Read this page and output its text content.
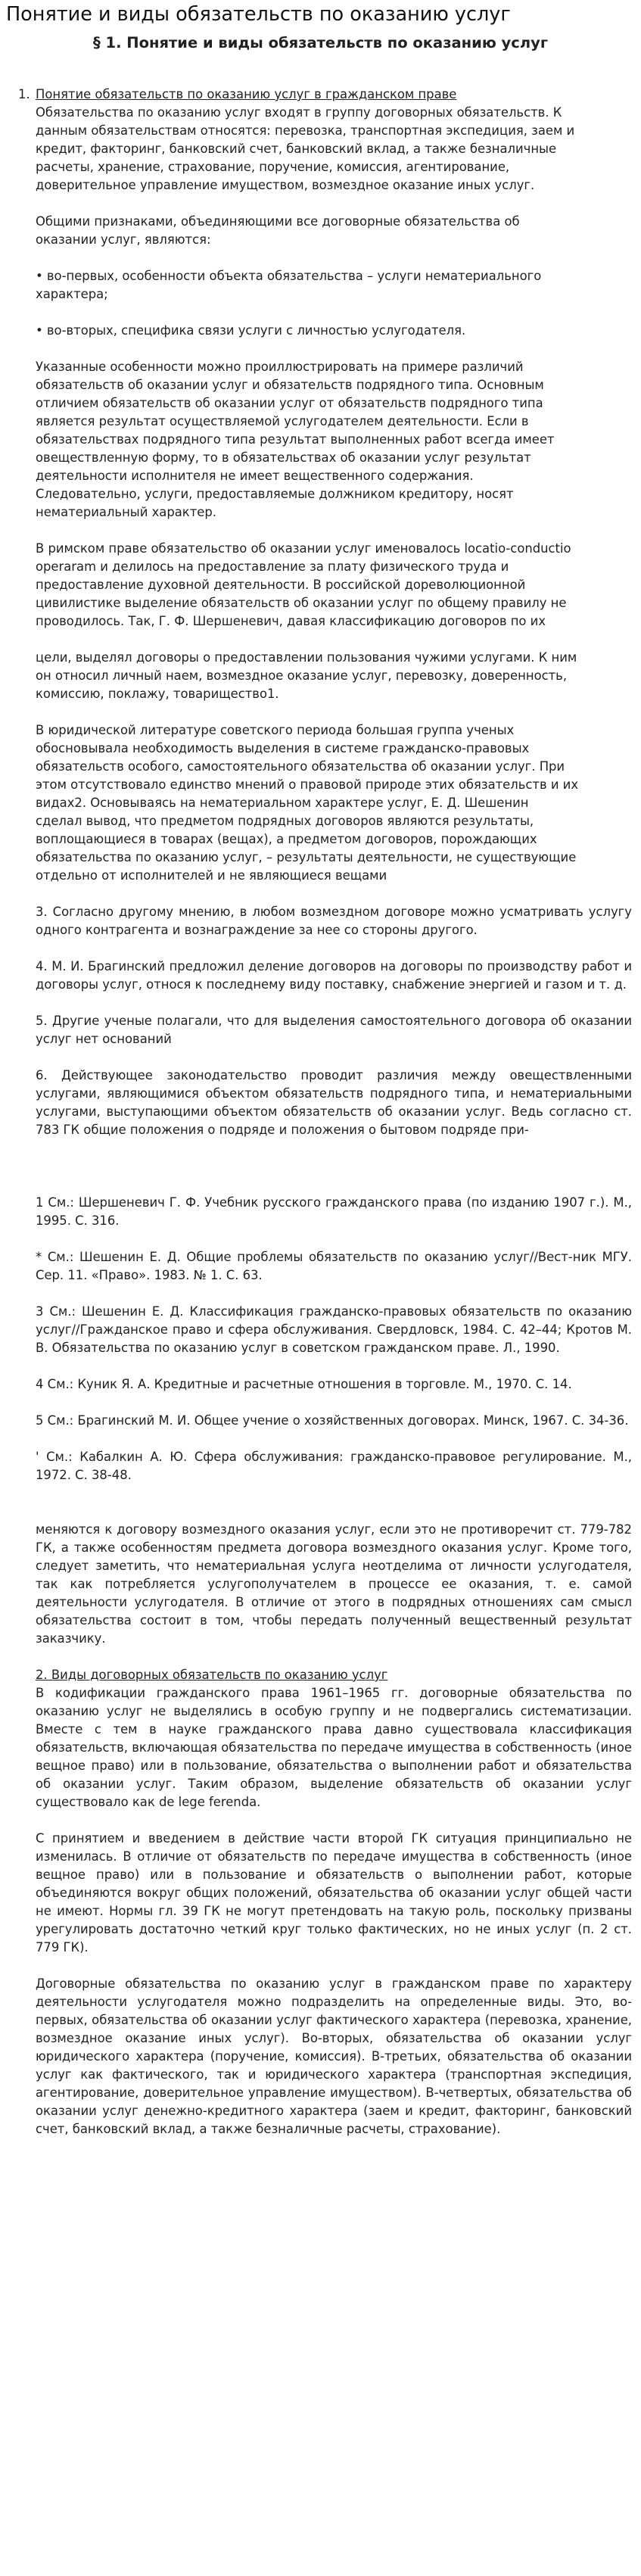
Понятие и виды обязательств по оказанию услуг
§ 1. Понятие и виды обязательств по оказанию услуг
1. Понятие обязательств по оказанию услуг в гражданском праве

Обязательства по оказанию услуг входят в группу договорных обязательств. К
данным обязательствам относятся: перевозка, транспортная экспедиция, заем и
кредит, факторинг, банковский счет, банковский вклад, а также безналичные
расчеты, хранение, страхование, поручение, комиссия, агентирование,
доверительное управление имуществом, возмездное оказание иных услуг.

Общими признаками, объединяющими все договорные обязательства об
оказании услуг, являются:

• во-первых, особенности объекта обязательства – услуги нематериального
характера;

• во-вторых, специфика связи услуги с личностью услугодателя.

Указанные особенности можно проиллюстрировать на примере различий
обязательств об оказании услуг и обязательств подрядного типа. Основным
отличием обязательств об оказании услуг от обязательств подрядного типа
является результат осуществляемой услугодателем деятельности. Если в
обязательствах подрядного типа результат выполненных работ всегда имеет
овеществленную форму, то в обязательствах об оказании услуг результат
деятельности исполнителя не имеет вещественного содержания.
Следовательно, услуги, предоставляемые должником кредитору, носят
нематериальный характер.

В римском праве обязательство об оказании услуг именовалось locatio-conductio
operaram и делилось на предоставление за плату физического труда и
предоставление духовной деятельности. В российской дореволюционной
цивилистике выделение обязательств об оказании услуг по общему правилу не
проводилось. Так, Г. Ф. Шершеневич, давая классификацию договоров по их

цели, выделял договоры о предоставлении пользования чужими услугами. К ним
он относил личный наем, возмездное оказание услуг, перевозку, доверенность,
комиссию, поклажу, товарищество1.

В юридической литературе советского периода большая группа ученых
обосновывала необходимость выделения в системе гражданско-правовых
обязательств особого, самостоятельного обязательства об оказании услуг. При
этом отсутствовало единство мнений о правовой природе этих обязательств и их
видах2. Основываясь на нематериальном характере услуг, Е. Д. Шешенин
сделал вывод, что предметом подрядных договоров являются результаты,
воплощающиеся в товарах (вещах), а предметом договоров, порождающих
обязательства по оказанию услуг, – результаты деятельности, не существующие
отдельно от исполнителей и не являющиеся вещами

3. Согласно другому мнению, в любом возмездном договоре можно усматривать услугу одного контрагента и вознаграждение за нее со стороны другого.

4. М. И. Брагинский предложил деление договоров на договоры по производству работ и договоры услуг, относя к последнему виду поставку, снабжение энергией и газом и т. д.

5. Другие ученые полагали, что для выделения самостоятельного договора об оказании услуг нет оснований

6. Действующее законодательство проводит различия между овеществленными услугами, являющимися объектом обязательств подрядного типа, и нематериальными услугами, выступающими объектом обязательств об оказании услуг. Ведь согласно ст. 783 ГК общие положения о подряде и положения о бытовом подряде при-

1 См.: Шершеневич Г. Ф. Учебник русского гражданского права (по изданию 1907 г.). М., 1995. С. 316.

* См.: Шешенин Е. Д. Общие проблемы обязательств по оказанию услуг//Вест-ник МГУ. Сер. 11. «Право». 1983. № 1. С. 63.

3 См.: Шешенин Е. Д. Классификация гражданско-правовых обязательств по оказанию услуг//Гражданское право и сфера обслуживания. Свердловск, 1984. С. 42–44; Кротов М. В. Обязательства по оказанию услуг в советском гражданском праве. Л., 1990.

4 См.: Куник Я. А. Кредитные и расчетные отношения в торговле. М., 1970. С. 14.

5 См.: Брагинский М. И. Общее учение о хозяйственных договорах. Минск, 1967. С. 34-36.

' См.: Кабалкин А. Ю. Сфера обслуживания: гражданско-правовое регулирование. М., 1972. С. 38-48.

меняются к договору возмездного оказания услуг, если это не противоречит ст. 779-782 ГК, а также особенностям предмета договора возмездного оказания услуг. Кроме того, следует заметить, что нематериальная услуга неотделима от личности услугодателя, так как потребляется услугополучателем в процессе ее оказания, т. е. самой деятельности услугодателя. В отличие от этого в подрядных отношениях сам смысл обязательства состоит в том, чтобы передать полученный вещественный результат заказчику.

2. Виды договорных обязательств по оказанию услуг

В кодификации гражданского права 1961–1965 гг. договорные обязательства по оказанию услуг не выделялись в особую группу и не подвергались систематизации. Вместе с тем в науке гражданского права давно существовала классификация обязательств, включающая обязательства по передаче имущества в собственность (иное вещное право) или в пользование, обязательства о выполнении работ и обязательства об оказании услуг. Таким образом, выделение обязательств об оказании услуг существовало как de lege ferenda.

С принятием и введением в действие части второй ГК ситуация принципиально не изменилась. В отличие от обязательств по передаче имущества в собственность (иное вещное право) или в пользование и обязательств о выполнении работ, которые объединяются вокруг общих положений, обязательства об оказании услуг общей части не имеют. Нормы гл. 39 ГК не могут претендовать на такую роль, поскольку призваны урегулировать достаточно четкий круг только фактических, но не иных услуг (п. 2 ст. 779 ГК).

Договорные обязательства по оказанию услуг в гражданском праве по характеру деятельности услугодателя можно подразделить на определенные виды. Это, во-первых, обязательства об оказании услуг фактического характера (перевозка, хранение, возмездное оказание иных услуг). Во-вторых, обязательства об оказании услуг юридического характера (поручение, комиссия). В-третьих, обязательства об оказании услуг как фактического, так и юридического характера (транспортная экспедиция, агентирование, доверительное управление имуществом). В-четвертых, обязательства об оказании услуг денежно-кредитного характера (заем и кредит, факторинг, банковский счет, банковский вклад, а также безналичные расчеты, страхование).
